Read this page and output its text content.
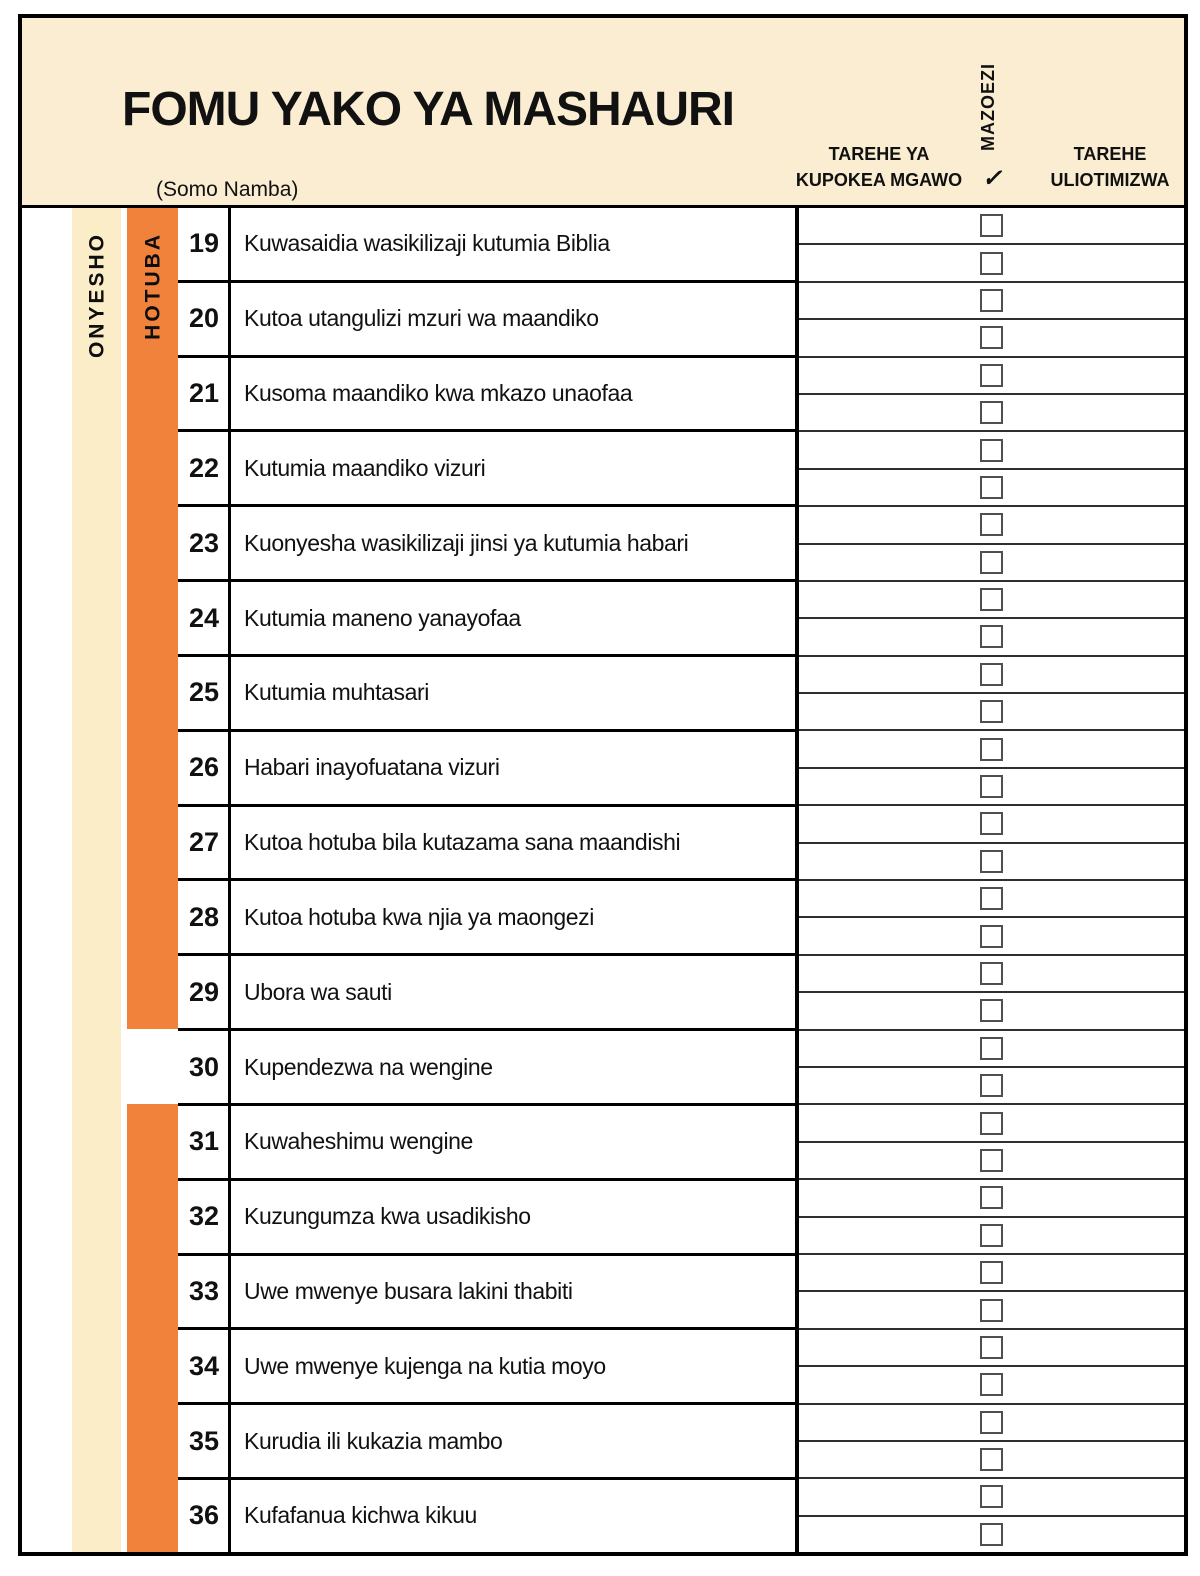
FOMU YAKO YA MASHAURI
(Somo Namba)
TAREHE YA
KUPOKEA MGAWO
MAZOEZI
✓
TAREHE
ULIOTIMIZWA
ONYESHO HOTUBA 19	Kuwasaidia wasikilizaji kutumia Biblia
20	Kutoa utangulizi mzuri wa maandiko
21	Kusoma maandiko kwa mkazo unaofaa
22	Kutumia maandiko vizuri
23	Kuonyesha wasikilizaji jinsi ya kutumia habari
24	Kutumia maneno yanayofaa
25	Kutumia muhtasari
26	Habari inayofuatana vizuri
27	Kutoa hotuba bila kutazama sana maandishi
28	Kutoa hotuba kwa njia ya maongezi
29	Ubora wa sauti
30	Kupendezwa na wengine
31	Kuwaheshimu wengine
32	Kuzungumza kwa usadikisho
33	Uwe mwenye busara lakini thabiti
34	Uwe mwenye kujenga na kutia moyo
35	Kurudia ili kukazia mambo
36	Kufafanua kichwa kikuu
